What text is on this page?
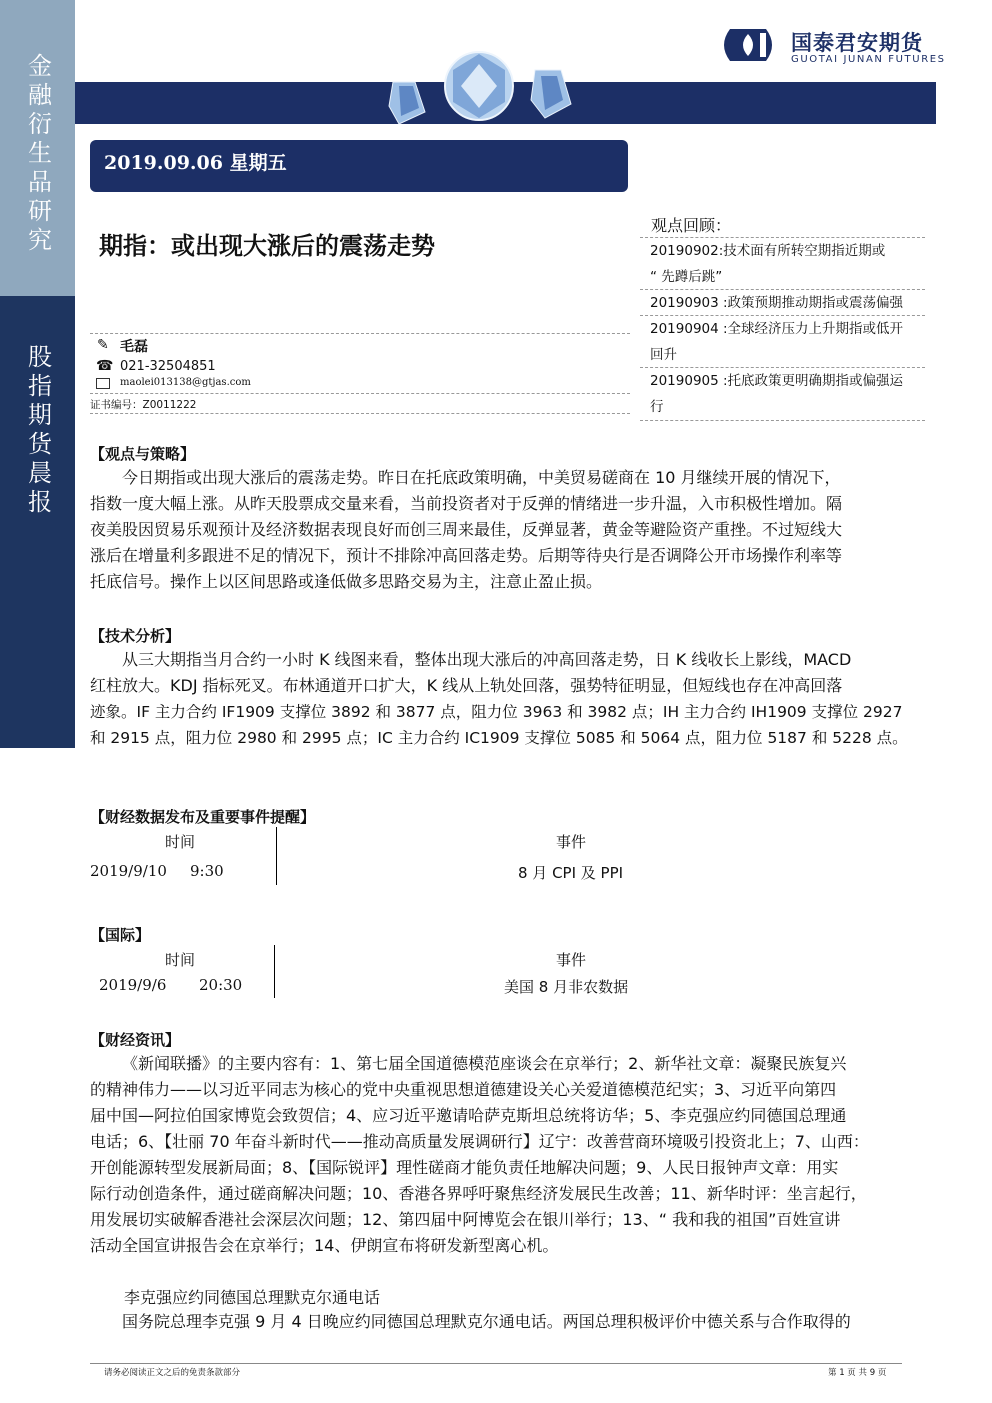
金融衍生品研究
股指期货晨报
国泰君安期货
GUOTAI JUNAN FUTURES
2019.09.06 星期五
期指：或出现大涨后的震荡走势
观点回顾：
20190902:技术面有所转空期指近期或
“ 先蹲后跳”
20190903 :政策预期推动期指或震荡偏强
20190904 :全球经济压力上升期指或低开
回升
20190905 :托底政策更明确期指或偏强运
行
✎ 毛磊
☎ 021-32504851
maolei013138@gtjas.com
证书编号：Z0011222
【观点与策略】
今日期指或出现大涨后的震荡走势。昨日在托底政策明确，中美贸易磋商在 10 月继续开展的情况下，
指数一度大幅上涨。从昨天股票成交量来看，当前投资者对于反弹的情绪进一步升温，入市积极性增加。隔
夜美股因贸易乐观预计及经济数据表现良好而创三周来最佳，反弹显著，黄金等避险资产重挫。不过短线大
涨后在增量利多跟进不足的情况下，预计不排除冲高回落走势。后期等待央行是否调降公开市场操作利率等
托底信号。操作上以区间思路或逢低做多思路交易为主，注意止盈止损。
【技术分析】
从三大期指当月合约一小时 K 线图来看，整体出现大涨后的冲高回落走势，日 K 线收长上影线，MACD
红柱放大。KDJ 指标死叉。布林通道开口扩大，K 线从上轨处回落，强势特征明显，但短线也存在冲高回落
迹象。IF 主力合约 IF1909 支撑位 3892 和 3877 点，阻力位 3963 和 3982 点；IH 主力合约 IH1909 支撑位 2927
和 2915 点，阻力位 2980 和 2995 点；IC 主力合约 IC1909 支撑位 5085 和 5064 点，阻力位 5187 和 5228 点。
【财经数据发布及重要事件提醒】
时间	事件
2019/9/10 9:30	8 月 CPI 及 PPI
【国际】
时间	事件
2019/9/6 20:30	美国 8 月非农数据
【财经资讯】
《新闻联播》的主要内容有：1、第七届全国道德模范座谈会在京举行；2、新华社文章：凝聚民族复兴
的精神伟力——以习近平同志为核心的党中央重视思想道德建设关心关爱道德模范纪实；3、习近平向第四
届中国—阿拉伯国家博览会致贺信；4、应习近平邀请哈萨克斯坦总统将访华；5、李克强应约同德国总理通
电话；6、【壮丽 70 年奋斗新时代——推动高质量发展调研行】辽宁：改善营商环境吸引投资北上；7、山西：
开创能源转型发展新局面；8、【国际锐评】理性磋商才能负责任地解决问题；9、人民日报钟声文章：用实
际行动创造条件，通过磋商解决问题；10、香港各界呼吁聚焦经济发展民生改善；11、新华时评：坐言起行，
用发展切实破解香港社会深层次问题；12、第四届中阿博览会在银川举行；13、“ 我和我的祖国”百姓宣讲
活动全国宣讲报告会在京举行；14、伊朗宣布将研发新型离心机。
李克强应约同德国总理默克尔通电话
国务院总理李克强 9 月 4 日晚应约同德国总理默克尔通电话。两国总理积极评价中德关系与合作取得的
请务必阅读正文之后的免责条款部分	第 1 页 共 9 页
